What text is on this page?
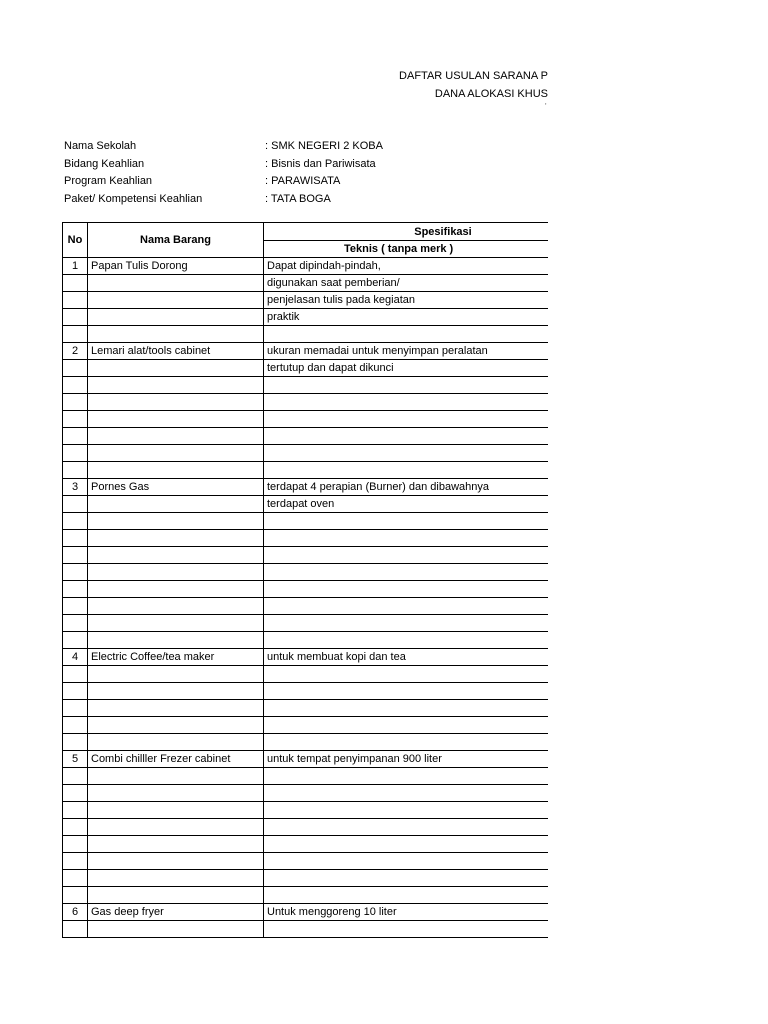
DAFTAR USULAN SARANA P
DANA ALOKASI KHUS
'
Nama Sekolah	: SMK NEGERI 2 KOBA
Bidang Keahlian	: Bisnis dan Pariwisata
Program Keahlian	: PARAWISATA
Paket/ Kompetensi Keahlian	: TATA BOGA
No	Nama Barang	Spesifikasi
		Teknis ( tanpa merk )
1	Papan Tulis Dorong	Dapat dipindah-pindah,
		digunakan saat pemberian/
		penjelasan tulis pada kegiatan
		praktik

2	Lemari alat/tools cabinet	ukuran memadai untuk menyimpan peralatan
		tertutup dan dapat dikunci

3	Pornes Gas	terdapat 4 perapian (Burner) dan dibawahnya
		terdapat oven

4	Electric Coffee/tea maker	untuk membuat kopi dan tea

5	Combi chilller Frezer cabinet	untuk tempat penyimpanan 900 liter

6	Gas deep fryer	Untuk menggoreng 10 liter
